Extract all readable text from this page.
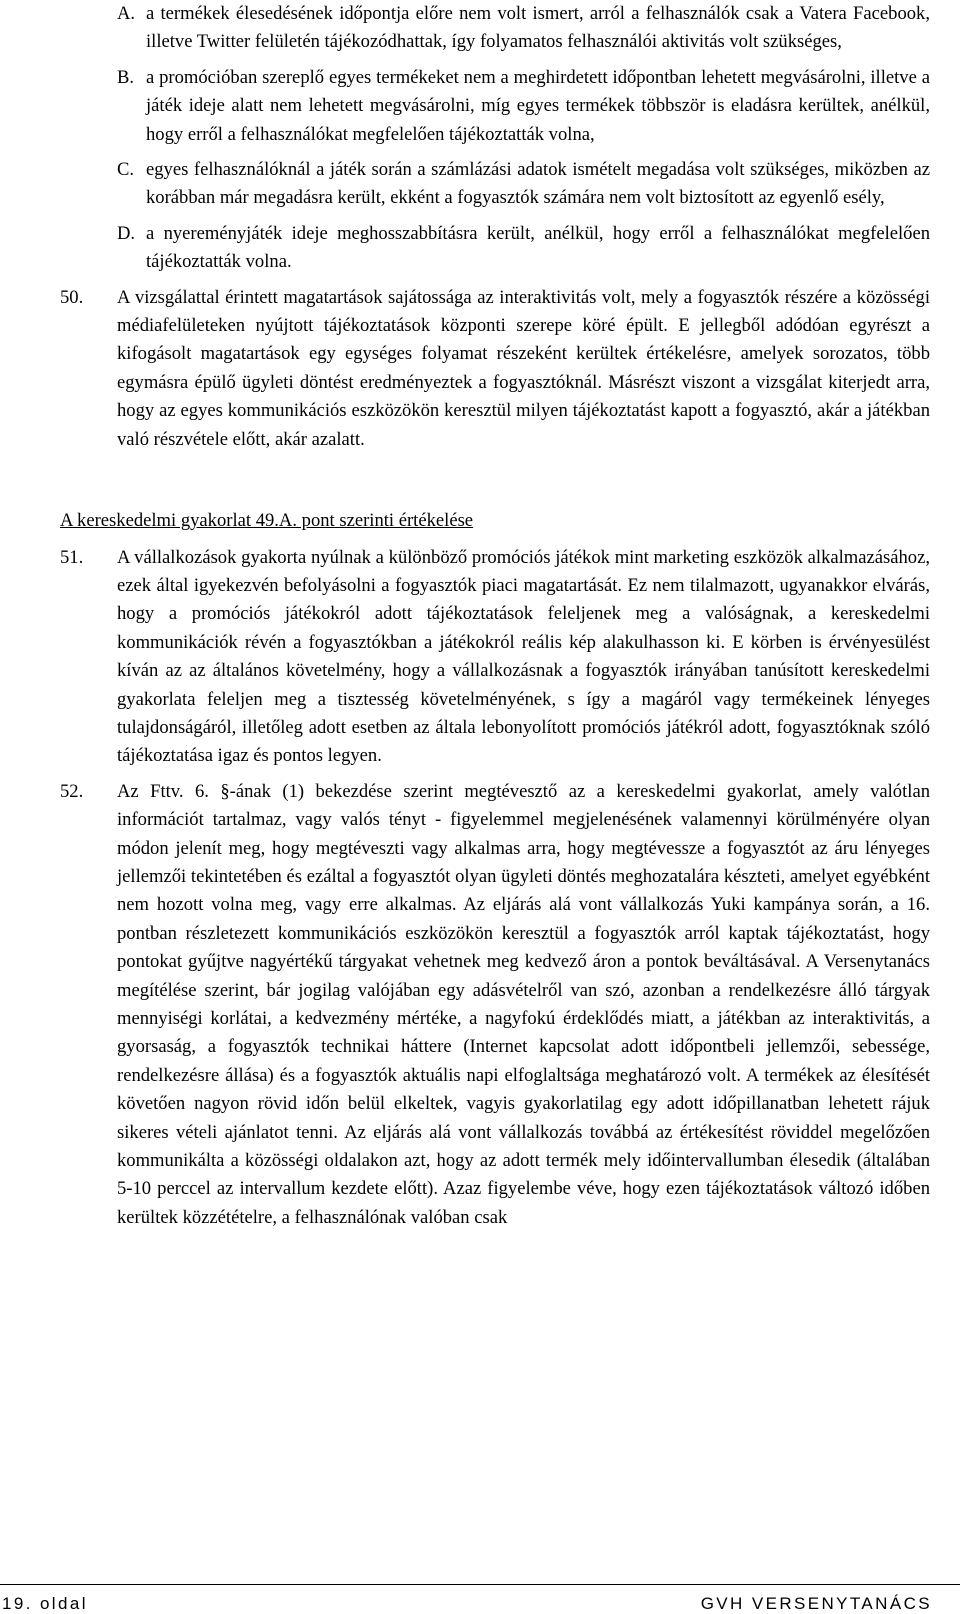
A. a termékek élesedésének időpontja előre nem volt ismert, arról a felhasználók csak a Vatera Facebook, illetve Twitter felületén tájékozódhattak, így folyamatos felhasználói aktivitás volt szükséges,
B. a promócióban szereplő egyes termékeket nem a meghirdetett időpontban lehetett megvásárolni, illetve a játék ideje alatt nem lehetett megvásárolni, míg egyes termékek többször is eladásra kerültek, anélkül, hogy erről a felhasználókat megfelelően tájékoztatták volna,
C. egyes felhasználóknál a játék során a számlázási adatok ismételt megadása volt szükséges, miközben az korábban már megadásra került, ekként a fogyasztók számára nem volt biztosított az egyenlő esély,
D. a nyereményjáték ideje meghosszabbításra került, anélkül, hogy erről a felhasználókat megfelelően tájékoztatták volna.
50. A vizsgálattal érintett magatartások sajátossága az interaktivitás volt, mely a fogyasztók részére a közösségi médiafelületeken nyújtott tájékoztatások központi szerepe köré épült. E jellegből adódóan egyrészt a kifogásolt magatartások egy egységes folyamat részeként kerültek értékelésre, amelyek sorozatos, több egymásra épülő ügyleti döntést eredményeztek a fogyasztóknál. Másrészt viszont a vizsgálat kiterjedt arra, hogy az egyes kommunikációs eszközökön keresztül milyen tájékoztatást kapott a fogyasztó, akár a játékban való részvétele előtt, akár azalatt.
A kereskedelmi gyakorlat 49.A. pont szerinti értékelése
51. A vállalkozások gyakorta nyúlnak a különböző promóciós játékok mint marketing eszközök alkalmazásához, ezek által igyekezvén befolyásolni a fogyasztók piaci magatartását. Ez nem tilalmazott, ugyanakkor elvárás, hogy a promóciós játékokról adott tájékoztatások feleljenek meg a valóságnak, a kereskedelmi kommunikációk révén a fogyasztókban a játékokról reális kép alakulhasson ki. E körben is érvényesülést kíván az az általános követelmény, hogy a vállalkozásnak a fogyasztók irányában tanúsított kereskedelmi gyakorlata feleljen meg a tisztesség követelményének, s így a magáról vagy termékeinek lényeges tulajdonságáról, illetőleg adott esetben az általa lebonyolított promóciós játékról adott, fogyasztóknak szóló tájékoztatása igaz és pontos legyen.
52. Az Fttv. 6. §-ának (1) bekezdése szerint megtévesztő az a kereskedelmi gyakorlat, amely valótlan információt tartalmaz, vagy valós tényt - figyelemmel megjelenésének valamennyi körülményére olyan módon jelenít meg, hogy megtéveszti vagy alkalmas arra, hogy megtévessze a fogyasztót az áru lényeges jellemzői tekintetében és ezáltal a fogyasztót olyan ügyleti döntés meghozatalára készteti, amelyet egyébként nem hozott volna meg, vagy erre alkalmas. Az eljárás alá vont vállalkozás Yuki kampánya során, a 16. pontban részletezett kommunikációs eszközökön keresztül a fogyasztók arról kaptak tájékoztatást, hogy pontokat gyűjtve nagyértékű tárgyakat vehetnek meg kedvező áron a pontok beváltásával. A Versenytanács megítélése szerint, bár jogilag valójában egy adásvételről van szó, azonban a rendelkezésre álló tárgyak mennyiségi korlátai, a kedvezmény mértéke, a nagyfokú érdeklődés miatt, a játékban az interaktivitás, a gyorsaság, a fogyasztók technikai háttere (Internet kapcsolat adott időpontbeli jellemzői, sebessége, rendelkezésre állása) és a fogyasztók aktuális napi elfoglaltsága meghatározó volt. A termékek az élesítését követően nagyon rövid időn belül elkeltek, vagyis gyakorlatilag egy adott időpillanatban lehetett rájuk sikeres vételi ajánlatot tenni. Az eljárás alá vont vállalkozás továbbá az értékesítést röviddel megelőzően kommunikálta a közösségi oldalakon azt, hogy az adott termék mely időintervallumban élesedik (általában 5-10 perccel az intervallum kezdete előtt). Azaz figyelembe véve, hogy ezen tájékoztatások változó időben kerültek közzétételre, a felhasználónak valóban csak
19. oldal	GVH VERSENYTANÁCS
